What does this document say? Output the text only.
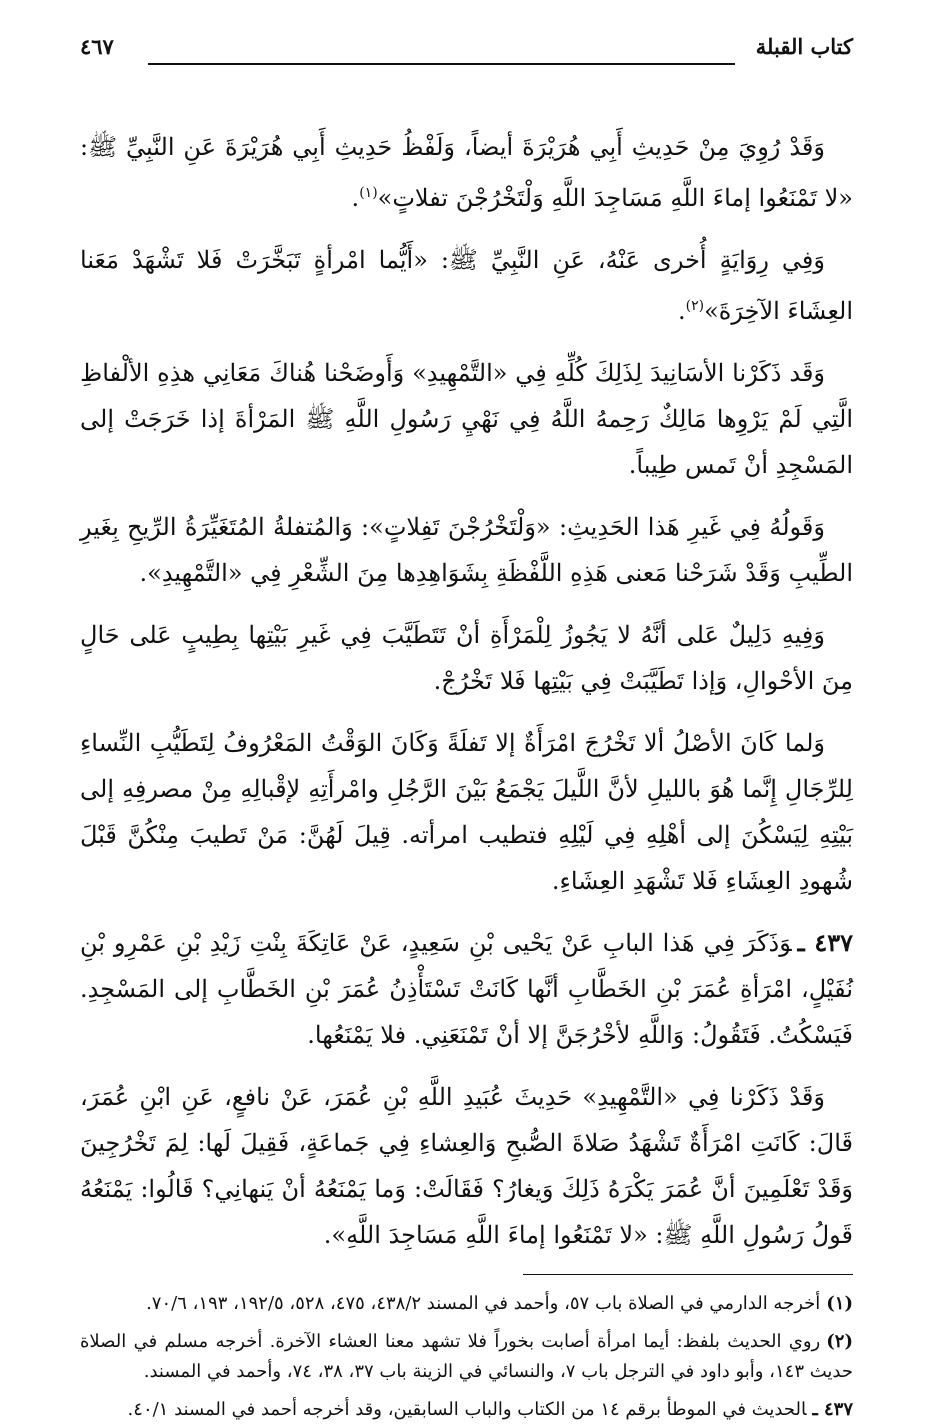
كتاب القبلة
٤٦٧

وَقَدْ رُوِيَ مِنْ حَدِيثِ أَبِي هُرَيْرَةَ أيضاً، وَلَفْظُ حَدِيثِ أَبِي هُرَيْرَةَ عَنِ النَّبِيِّ ﷺ: «لا تَمْنَعُوا إماءَ اللَّهِ مَسَاجِدَ اللَّهِ وَلْتَخْرُجْنَ تفلاتٍ»$^{(١)}$.

وَفِي رِوَايَةٍ أُخرى عَنْهُ، عَنِ النَّبِيِّ ﷺ: «أَيُّما امْرأةٍ تَبَخَّرَتْ فَلا تَشْهَدْ مَعَنا العِشَاءَ الآخِرَةَ»$^{(٢)}$.

وَقَد ذَكَرْنا الأسَانِيدَ لِذَلِكَ كُلِّهِ فِي «التَّمْهِيدِ» وَأَوضَحْنا هُناكَ مَعَانِي هذِهِ الألْفاظِ الَّتِي لَمْ يَرْوِها مَالِكٌ رَحِمهُ اللَّهُ فِي نَهْيِ رَسُولِ اللَّهِ ﷺ المَرْأةَ إذا خَرَجَتْ إلى المَسْجِدِ أنْ تَمس طِيباً.

وَقَولُهُ فِي غَيرِ هَذا الحَدِيثِ: «وَلْتَخْرُجْنَ تَفِلاتٍ»: وَالمُتفلةُ المُتَغَيِّرَةُ الرِّيحِ بِغَيرِ الطِّيبِ وَقَدْ شَرَحْنا مَعنى هَذِهِ اللَّفْظَةِ بِشَوَاهِدِها مِنَ الشِّعْرِ فِي «التَّمْهِيدِ».

وَفِيهِ دَلِيلٌ عَلى أنَّهُ لا يَجُوزُ لِلْمَرْأَةِ أنْ تَتَطَيَّبَ فِي غَيرِ بَيْتِها بِطِيبٍ عَلى حَالٍ مِنَ الأحْوالِ، وَإذا تَطَيَّبَتْ فِي بَيْتِها فَلا تَخْرُجْ.

وَلما كَانَ الأصْلُ ألا تَخْرُجَ امْرَأَةٌ إلا تَفلَةً وَكَانَ الوَقْتُ المَعْرُوفُ لِتَطَيُّبِ النِّساءِ لِلرِّجَالِ إِنَّما هُوَ بالليلِ لأنَّ اللَّيلَ يَجْمَعُ بَيْنَ الرَّجُلِ وامْرأَتِهِ لإقْبالِهِ مِنْ مصرفِهِ إلى بَيْتِهِ لِيَسْكُنَ إلى أهْلِهِ فِي لَيْلِهِ فتطيب امرأته. قِيلَ لَهُنَّ: مَنْ تَطيبَ مِنْكُنَّ قَبْلَ شُهودِ العِشَاءِ فَلا تَشْهَدِ العِشَاءِ.

٤٣٧ ـوَذَكَرَ فِي هَذا البابِ عَنْ يَحْيى بْنِ سَعِيدٍ، عَنْ عَاتِكَةَ بِنْتِ زَيْدِ بْنِ عَمْرِو بْنِ نُفَيْلٍ، امْرَأةِ عُمَرَ بْنِ الخَطَّابِ أنَّها كَانَتْ تَسْتَأْذِنُ عُمَرَ بْنِ الخَطَّابِ إلى المَسْجِدِ. فَيَسْكُتُ. فَتَقُولُ: وَاللَّهِ لأخْرُجَنَّ إلا أنْ تَمْنَعَنِي. فلا يَمْنَعُها.

وَقَدْ ذَكَرْنا فِي «التَّمْهِيدِ» حَدِيثَ عُبَيدِ اللَّهِ بْنِ عُمَرَ، عَنْ نافعٍ، عَنِ ابْنِ عُمَرَ، قَالَ: كَانَتِ امْرَأَةٌ تَشْهَدُ صَلاةَ الصُّبحِ وَالعِشاءِ فِي جَماعَةٍ، فَقِيلَ لَها: لِمَ تَخْرُجِينَ وَقَدْ تَعْلَمِينَ أنَّ عُمَرَ يَكْرَهُ ذَلِكَ وَيغارُ؟ فَقَالَتْ: وَما يَمْنَعُهُ أنْ يَنهانِي؟ قَالُوا: يَمْنَعُهُ قَولُ رَسُولِ اللَّهِ ﷺ: «لا تَمْنَعُوا إماءَ اللَّهِ مَسَاجِدَ اللَّهِ».

(١)أخرجه الدارمي في الصلاة باب ٥٧، وأحمد في المسند ٤٣٨/٢، ٤٧٥، ٥٢٨، ١٩٢/٥، ١٩٣، ٧٠/٦.

(٢)روي الحديث بلفظ: أيما امرأة أصابت بخوراً فلا تشهد معنا العشاء الآخرة. أخرجه مسلم في الصلاة حديث ١٤٣، وأبو داود في الترجل باب ٧، والنسائي في الزينة باب ٣٧، ٣٨، ٧٤، وأحمد في المسند.

٤٣٧ ـالحديث في الموطأ برقم ١٤ من الكتاب والباب السابقين، وقد أخرجه أحمد في المسند ٤٠/١.
